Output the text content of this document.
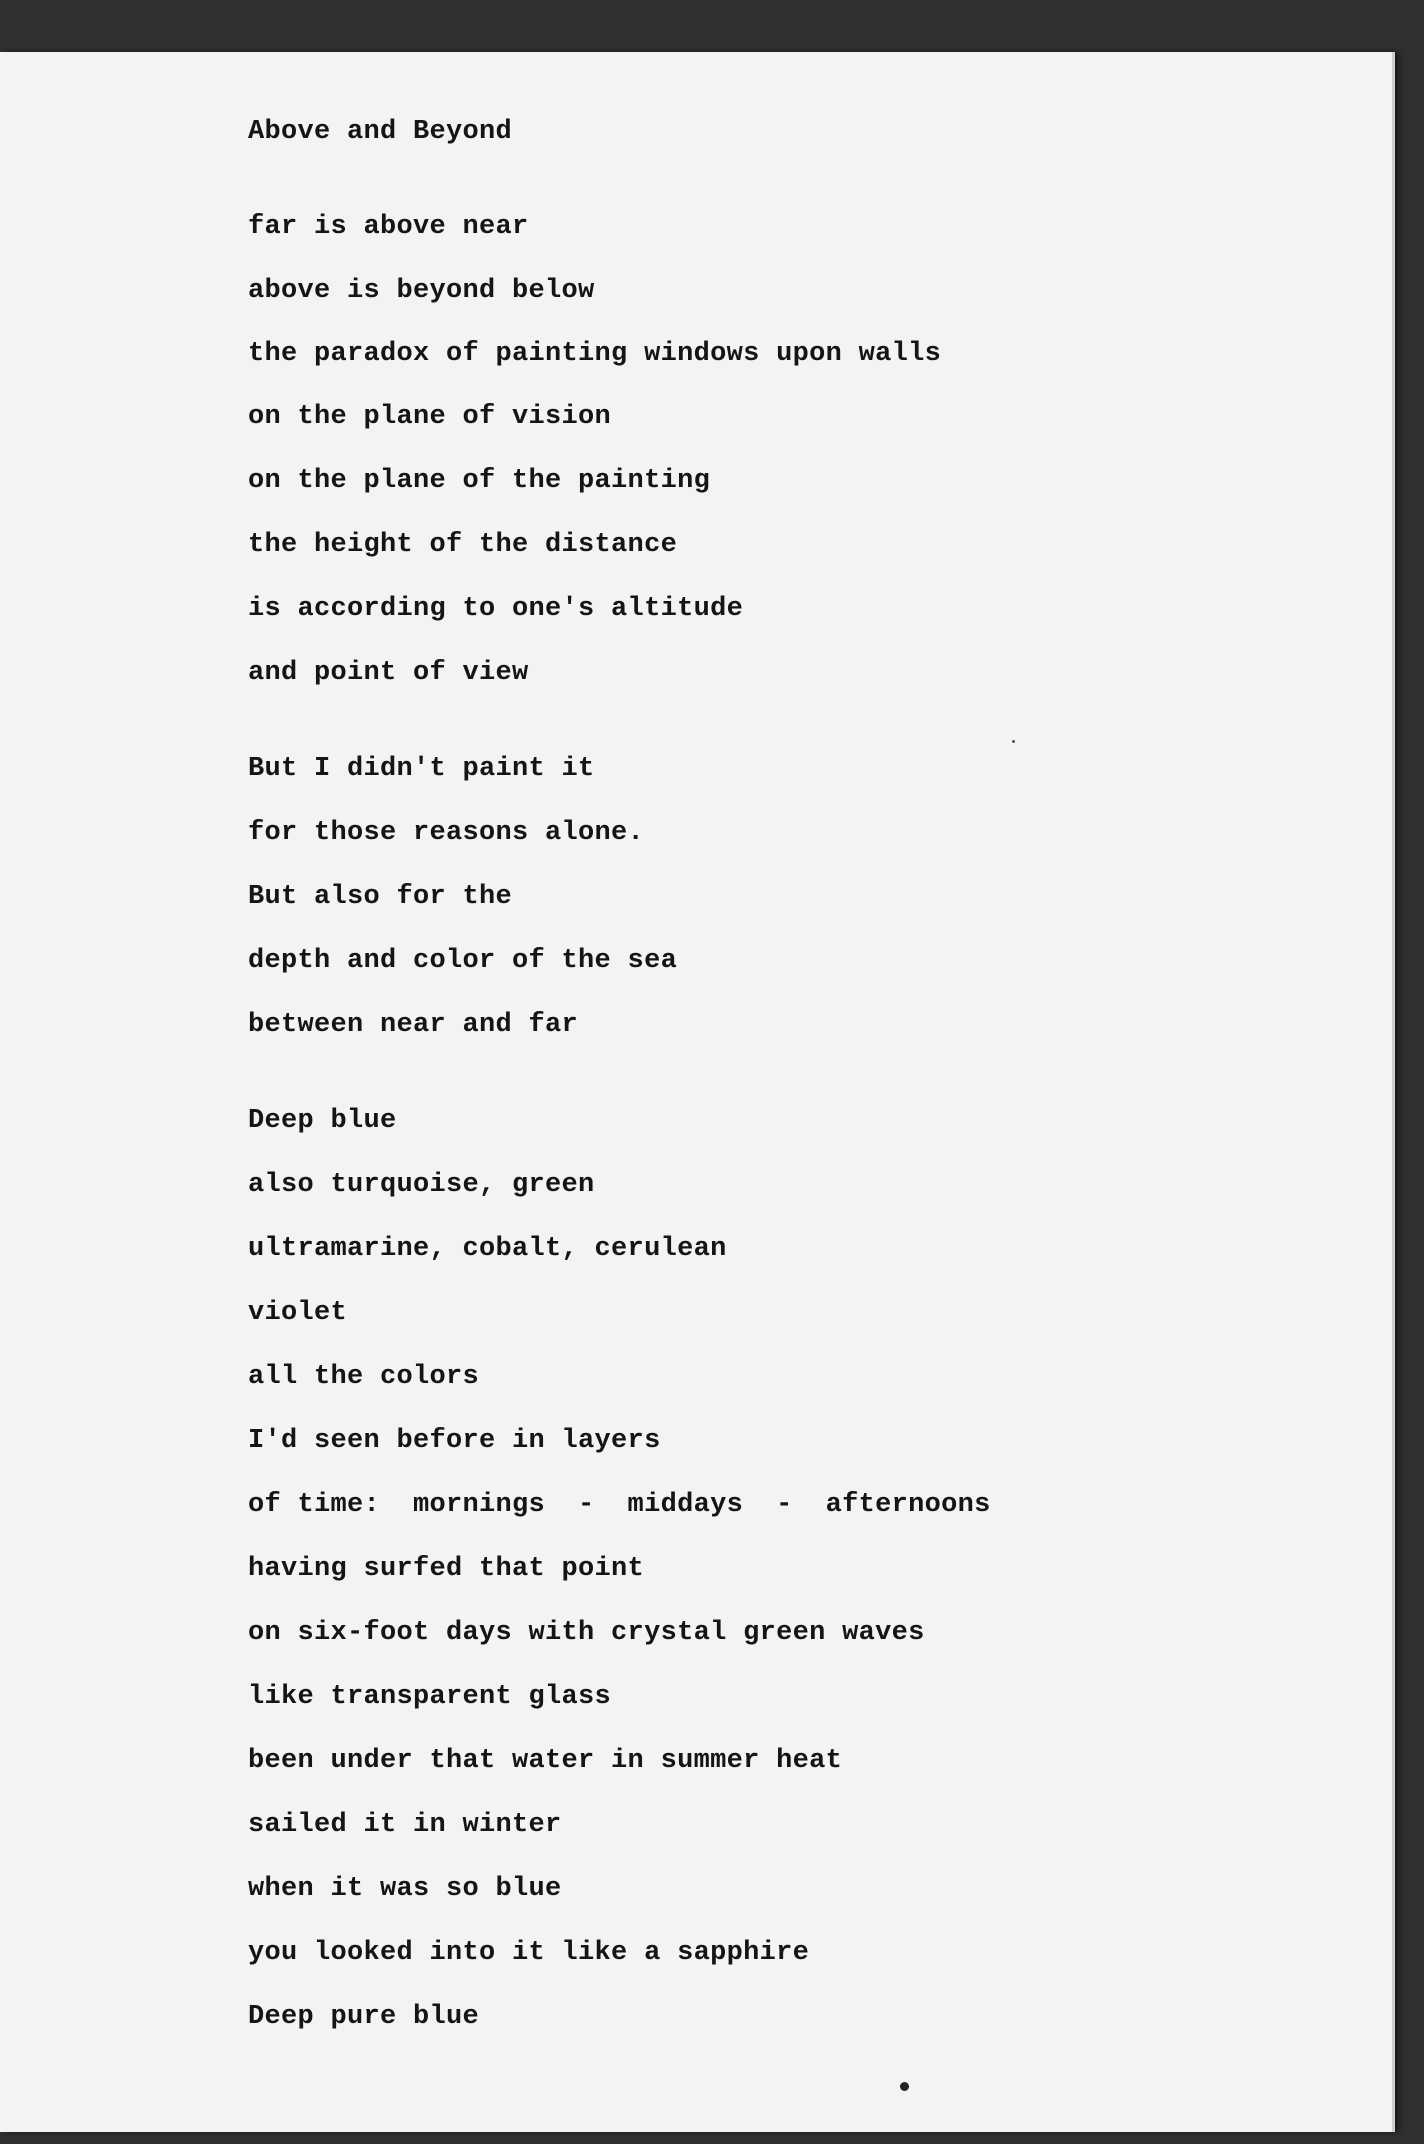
Above and Beyond
far is above near
above is beyond below
the paradox of painting windows upon walls
on the plane of vision
on the plane of the painting
the height of the distance
is according to one's altitude
and point of view
But I didn't paint it
for those reasons alone.
But also for the
depth and color of the sea
between near and far
Deep blue
also turquoise, green
ultramarine, cobalt, cerulean
violet
all the colors
I'd seen before in layers
of time:  mornings  -  middays  -  afternoons
having surfed that point
on six-foot days with crystal green waves
like transparent glass
been under that water in summer heat
sailed it in winter
when it was so blue
you looked into it like a sapphire
Deep pure blue
